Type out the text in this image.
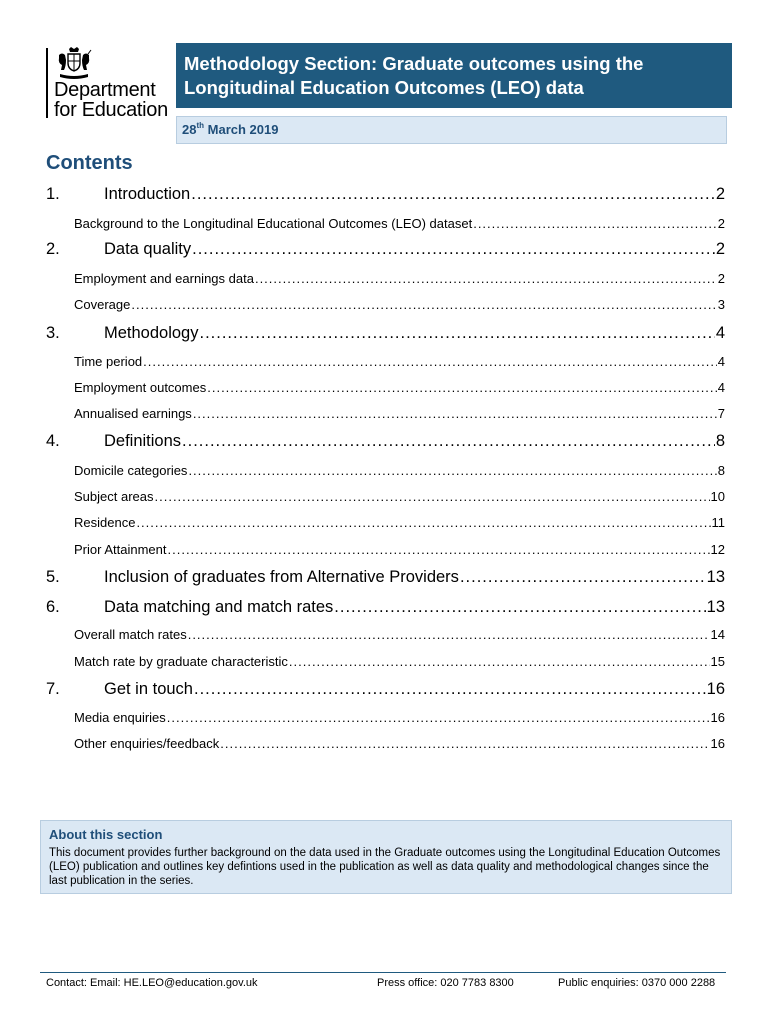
Department
for Education
Methodology Section: Graduate outcomes using the
Longitudinal Education Outcomes (LEO) data
28th March 2019
Contents
1.	Introduction .....	2
Background to the Longitudinal Educational Outcomes (LEO) dataset .....	2
2.	Data quality .....	2
Employment and earnings data .....	2
Coverage .....	3
3.	Methodology .....	4
Time period .....	4
Employment outcomes .....	4
Annualised earnings .....	7
4.	Definitions .....	8
Domicile categories .....	8
Subject areas .....	10
Residence .....	11
Prior Attainment .....	12
5.	Inclusion of graduates from Alternative Providers .....	13
6.	Data matching and match rates .....	13
Overall match rates .....	14
Match rate by graduate characteristic .....	15
7.	Get in touch .....	16
Media enquiries .....	16
Other enquiries/feedback .....	16
About this section
This document provides further background on the data used in the Graduate outcomes using the Longitudinal Education Outcomes (LEO) publication and outlines key defintions used in the publication as well as data quality and methodological changes since the last publication in the series.
Contact: Email: HE.LEO@education.gov.uk	Press office: 020 7783 8300	Public enquiries: 0370 000 2288
